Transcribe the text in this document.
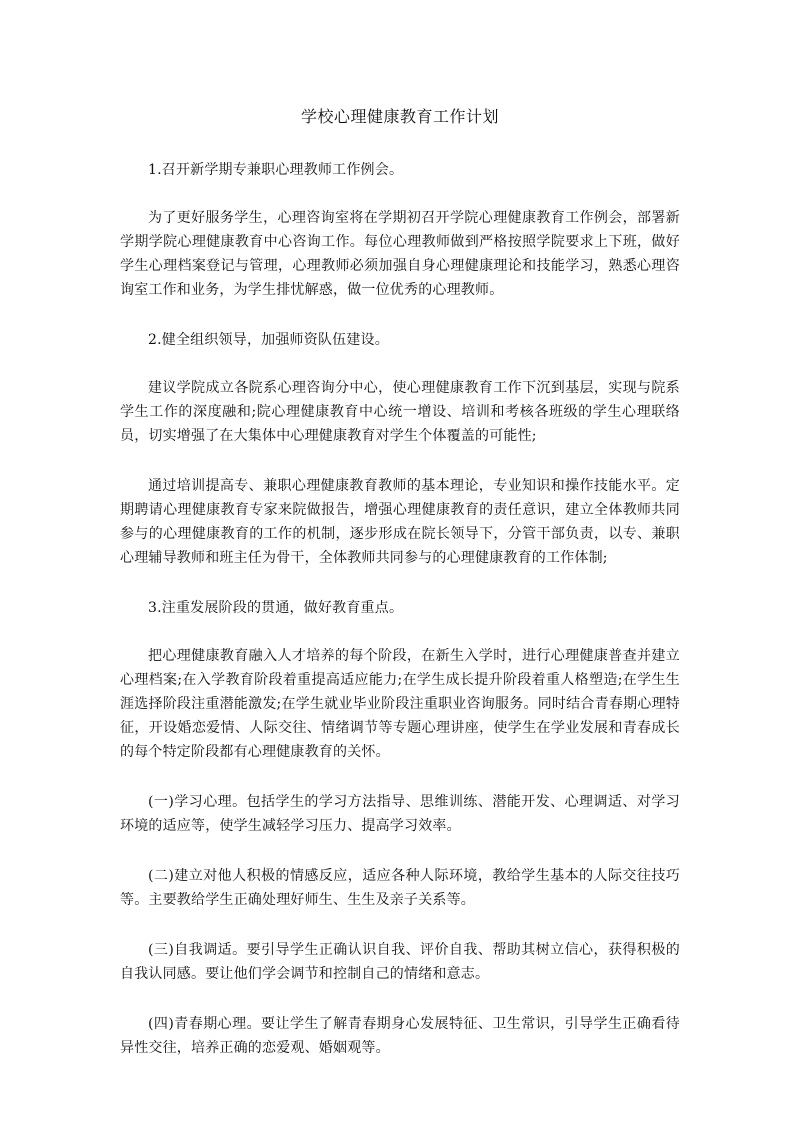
学校心理健康教育工作计划

1.召开新学期专兼职心理教师工作例会。

为了更好服务学生，心理咨询室将在学期初召开学院心理健康教育工作例会，部署新学期学院心理健康教育中心咨询工作。每位心理教师做到严格按照学院要求上下班，做好学生心理档案登记与管理，心理教师必须加强自身心理健康理论和技能学习，熟悉心理咨询室工作和业务，为学生排忧解惑，做一位优秀的心理教师。

2.健全组织领导，加强师资队伍建设。

建议学院成立各院系心理咨询分中心，使心理健康教育工作下沉到基层，实现与院系学生工作的深度融和;院心理健康教育中心统一增设、培训和考核各班级的学生心理联络员，切实增强了在大集体中心理健康教育对学生个体覆盖的可能性;

通过培训提高专、兼职心理健康教育教师的基本理论，专业知识和操作技能水平。定期聘请心理健康教育专家来院做报告，增强心理健康教育的责任意识，建立全体教师共同参与的心理健康教育的工作的机制，逐步形成在院长领导下，分管干部负责，以专、兼职心理辅导教师和班主任为骨干，全体教师共同参与的心理健康教育的工作体制;

3.注重发展阶段的贯通，做好教育重点。

把心理健康教育融入人才培养的每个阶段，在新生入学时，进行心理健康普查并建立心理档案;在入学教育阶段着重提高适应能力;在学生成长提升阶段着重人格塑造;在学生生涯选择阶段注重潜能激发;在学生就业毕业阶段注重职业咨询服务。同时结合青春期心理特征，开设婚恋爱情、人际交往、情绪调节等专题心理讲座，使学生在学业发展和青春成长的每个特定阶段都有心理健康教育的关怀。

(一)学习心理。包括学生的学习方法指导、思维训练、潜能开发、心理调适、对学习环境的适应等，使学生减轻学习压力、提高学习效率。

(二)建立对他人积极的情感反应，适应各种人际环境，教给学生基本的人际交往技巧等。主要教给学生正确处理好师生、生生及亲子关系等。

(三)自我调适。要引导学生正确认识自我、评价自我、帮助其树立信心，获得积极的自我认同感。要让他们学会调节和控制自己的情绪和意志。

(四)青春期心理。要让学生了解青春期身心发展特征、卫生常识，引导学生正确看待异性交往，培养正确的恋爱观、婚姻观等。
